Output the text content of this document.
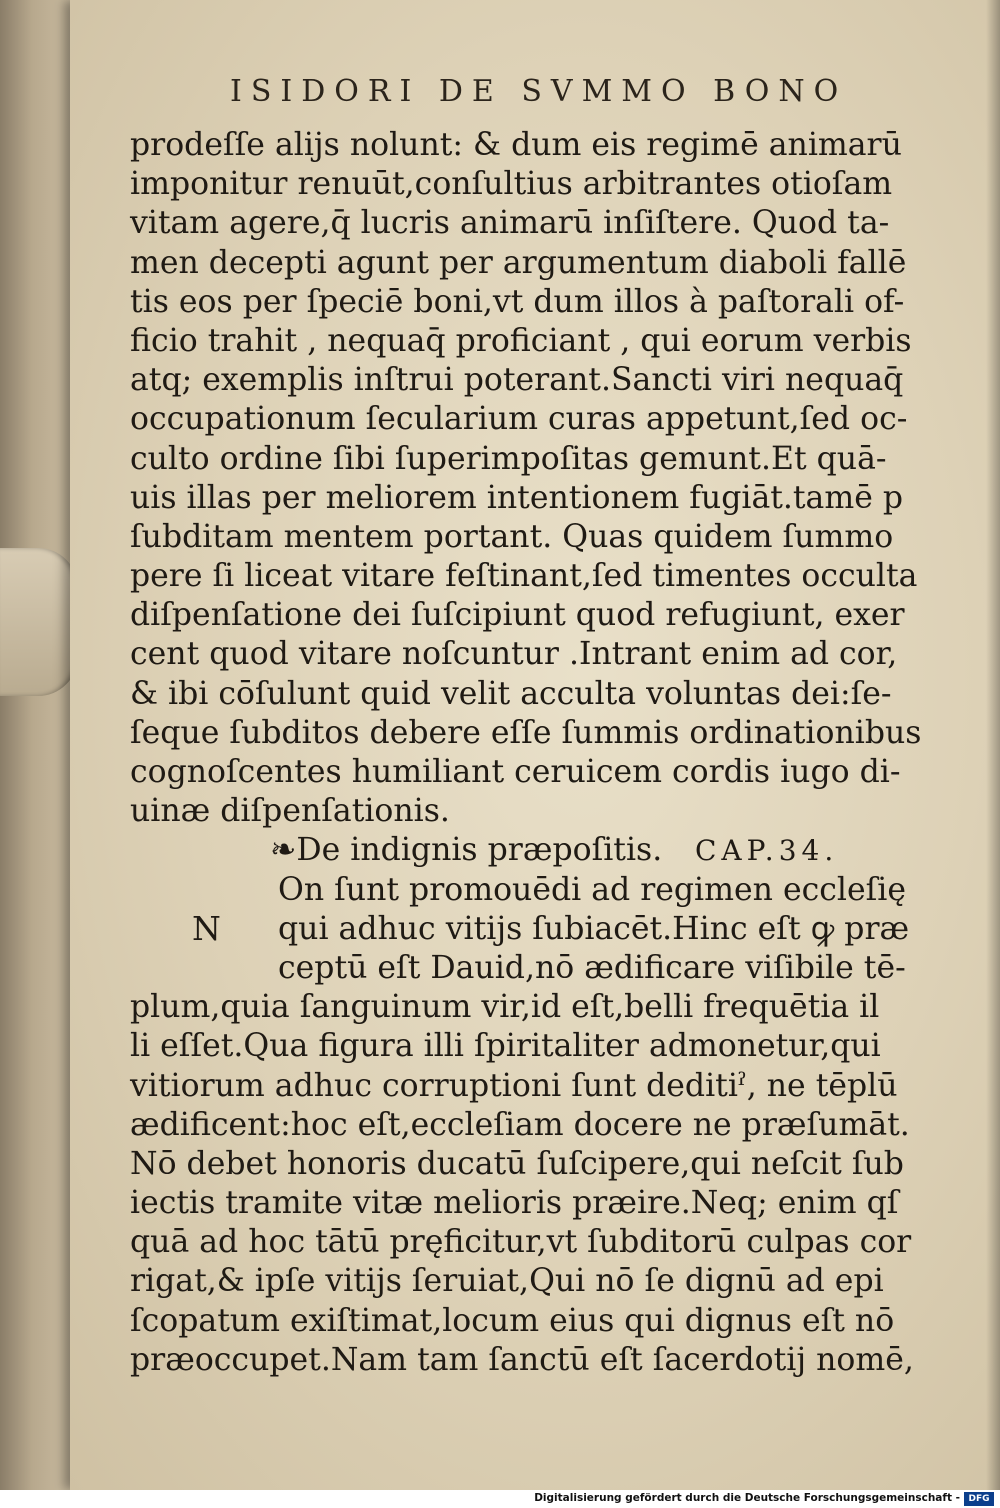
ISIDORI DE SVMMO BONO
prodeſſe alijs nolunt: & dum eis regimē animarū
imponitur renuūt,conſultius arbitrantes otioſam
vitam agere,q̄ lucris animarū inſiſtere. Quod ta-
men decepti agunt per argumentum diaboli fallē
tis eos per ſpeciē boni,vt dum illos à paſtorali of-
ficio trahit , nequaq̄ proficiant , qui eorum verbis
atq; exemplis inſtrui poterant.Sancti viri nequaq̄
occupationum ſecularium curas appetunt,ſed oc-
culto ordine ſibi ſuperimpoſitas gemunt.Et quā-
uis illas per meliorem intentionem fugiāt.tamē p
ſubditam mentem portant. Quas quidem ſummo
pere ſi liceat vitare feſtinant,ſed timentes occulta
diſpenſatione dei ſuſcipiunt quod refugiunt, exer
cent quod vitare noſcuntur .Intrant enim ad cor,
& ibi cōſulunt quid velit acculta voluntas dei:ſe-
ſeque ſubditos debere eſſe ſummis ordinationibus
cognoſcentes humiliant ceruicem cordis iugo di-
uinæ diſpenſationis.
❧De indignis præpoſitis. CAP.34.
N
On ſunt promouēdi ad regimen eccleſię
qui adhuc vitijs ſubiacēt.Hinc eſt ꝙ præ
ceptū eſt Dauid,nō ædificare viſibile tē-
plum,quia ſanguinum vir,id eſt,belli frequētia il
li eſſet.Qua figura illi ſpiritaliter admonetur,qui
vitiorum adhuc corruptioni ſunt deditiˀ, ne tēplū
ædificent:hoc eſt,eccleſiam docere ne præſumāt.
Nō debet honoris ducatū ſuſcipere,qui neſcit ſub
iectis tramite vitæ melioris præire.Neq; enim qſ
quā ad hoc tātū pręficitur,vt ſubditorū culpas cor
rigat,& ipſe vitijs ſeruiat,Qui nō ſe dignū ad epi
ſcopatum exiſtimat,locum eius qui dignus eſt nō
præoccupet.Nam tam ſanctū eſt ſacerdotij nomē,
Digitalisierung gefördert durch die Deutsche Forschungsgemeinschaft - DFG
